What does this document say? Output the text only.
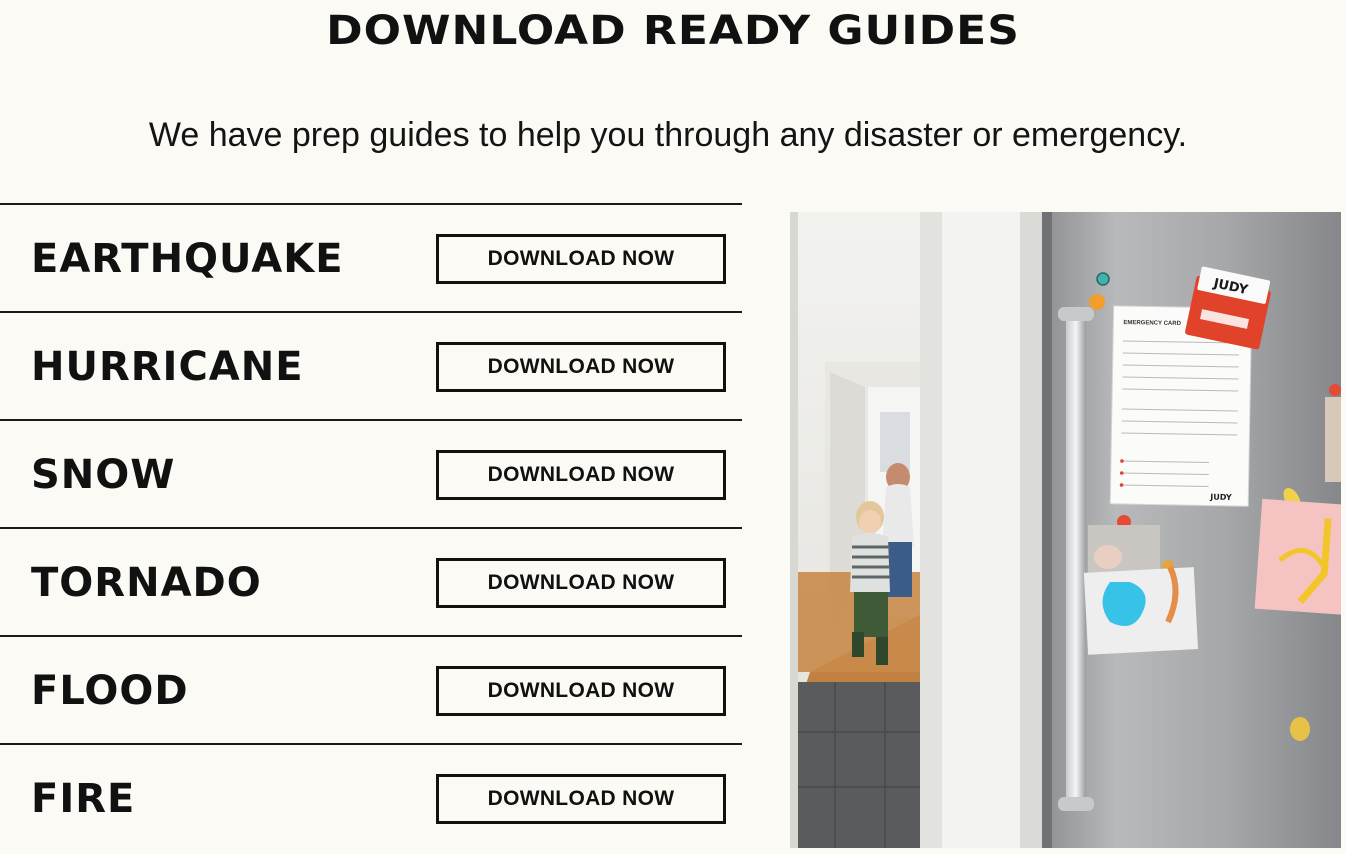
DOWNLOAD READY GUIDES

We have prep guides to help you through any disaster or emergency.

EARTHQUAKE	DOWNLOAD NOW
HURRICANE	DOWNLOAD NOW
SNOW	DOWNLOAD NOW
TORNADO	DOWNLOAD NOW
FLOOD	DOWNLOAD NOW
FIRE	DOWNLOAD NOW
EMERGENCY CARD
JUDY
JUDY
